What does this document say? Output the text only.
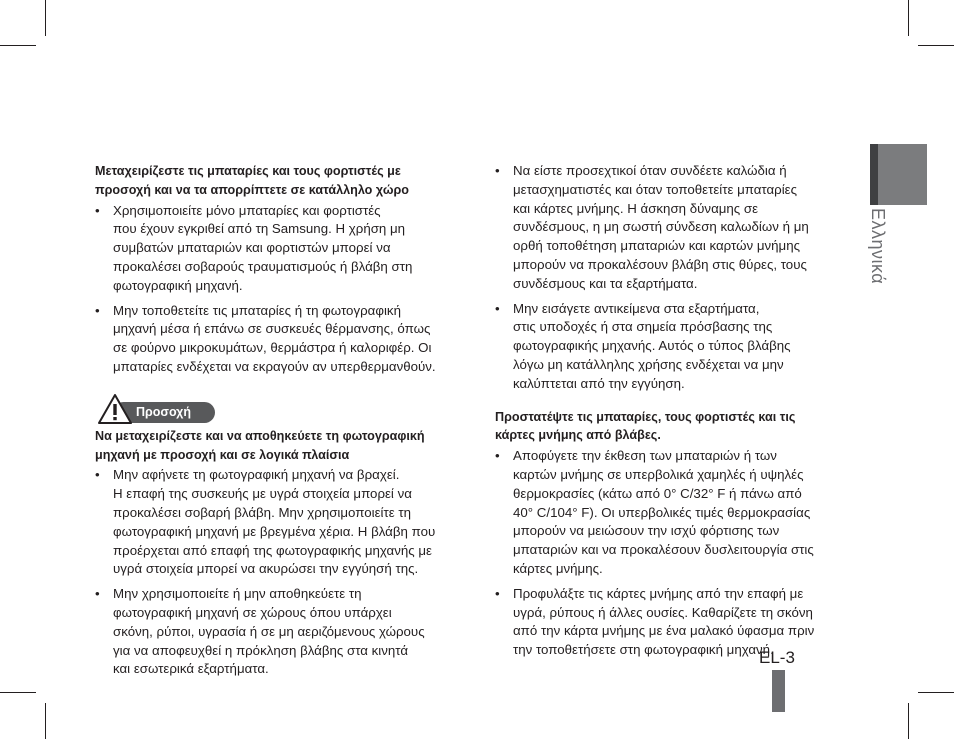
Ελληνικά
Μεταχειρίζεστε τις μπαταρίες και τους φορτιστές με
προσοχή και να τα απορρίπτετε σε κατάλληλο χώρο
• Χρησιμοποιείτε μόνο μπαταρίες και φορτιστές
που έχουν εγκριθεί από τη Samsung. Η χρήση μη
συμβατών μπαταριών και φορτιστών μπορεί να
προκαλέσει σοβαρούς τραυματισμούς ή βλάβη στη
φωτογραφική μηχανή.
• Μην τοποθετείτε τις μπαταρίες ή τη φωτογραφική
μηχανή μέσα ή επάνω σε συσκευές θέρμανσης, όπως
σε φούρνο μικροκυμάτων, θερμάστρα ή καλοριφέρ. Οι
μπαταρίες ενδέχεται να εκραγούν αν υπερθερμανθούν.
Προσοχή
Να μεταχειρίζεστε και να αποθηκεύετε τη φωτογραφική
μηχανή με προσοχή και σε λογικά πλαίσια
• Μην αφήνετε τη φωτογραφική μηχανή να βραχεί.
Η επαφή της συσκευής με υγρά στοιχεία μπορεί να
προκαλέσει σοβαρή βλάβη. Μην χρησιμοποιείτε τη
φωτογραφική μηχανή με βρεγμένα χέρια. Η βλάβη που
προέρχεται από επαφή της φωτογραφικής μηχανής με
υγρά στοιχεία μπορεί να ακυρώσει την εγγύησή της.
• Μην χρησιμοποιείτε ή μην αποθηκεύετε τη
φωτογραφική μηχανή σε χώρους όπου υπάρχει
σκόνη, ρύποι, υγρασία ή σε μη αεριζόμενους χώρους
για να αποφευχθεί η πρόκληση βλάβης στα κινητά
και εσωτερικά εξαρτήματα.
• Να είστε προσεχτικοί όταν συνδέετε καλώδια ή
μετασχηματιστές και όταν τοποθετείτε μπαταρίες
και κάρτες μνήμης. Η άσκηση δύναμης σε
συνδέσμους, η μη σωστή σύνδεση καλωδίων ή μη
ορθή τοποθέτηση μπαταριών και καρτών μνήμης
μπορούν να προκαλέσουν βλάβη στις θύρες, τους
συνδέσμους και τα εξαρτήματα.
• Μην εισάγετε αντικείμενα στα εξαρτήματα,
στις υποδοχές ή στα σημεία πρόσβασης της
φωτογραφικής μηχανής. Αυτός ο τύπος βλάβης
λόγω μη κατάλληλης χρήσης ενδέχεται να μην
καλύπτεται από την εγγύηση.
Προστατέψτε τις μπαταρίες, τους φορτιστές και τις
κάρτες μνήμης από βλάβες.
• Αποφύγετε την έκθεση των μπαταριών ή των
καρτών μνήμης σε υπερβολικά χαμηλές ή υψηλές
θερμοκρασίες (κάτω από 0° C/32° F ή πάνω από
40° C/104° F). Οι υπερβολικές τιμές θερμοκρασίας
μπορούν να μειώσουν την ισχύ φόρτισης των
μπαταριών και να προκαλέσουν δυσλειτουργία στις
κάρτες μνήμης.
• Προφυλάξτε τις κάρτες μνήμης από την επαφή με
υγρά, ρύπους ή άλλες ουσίες. Καθαρίζετε τη σκόνη
από την κάρτα μνήμης με ένα μαλακό ύφασμα πριν
την τοποθετήσετε στη φωτογραφική μηχανή.
EL-3
